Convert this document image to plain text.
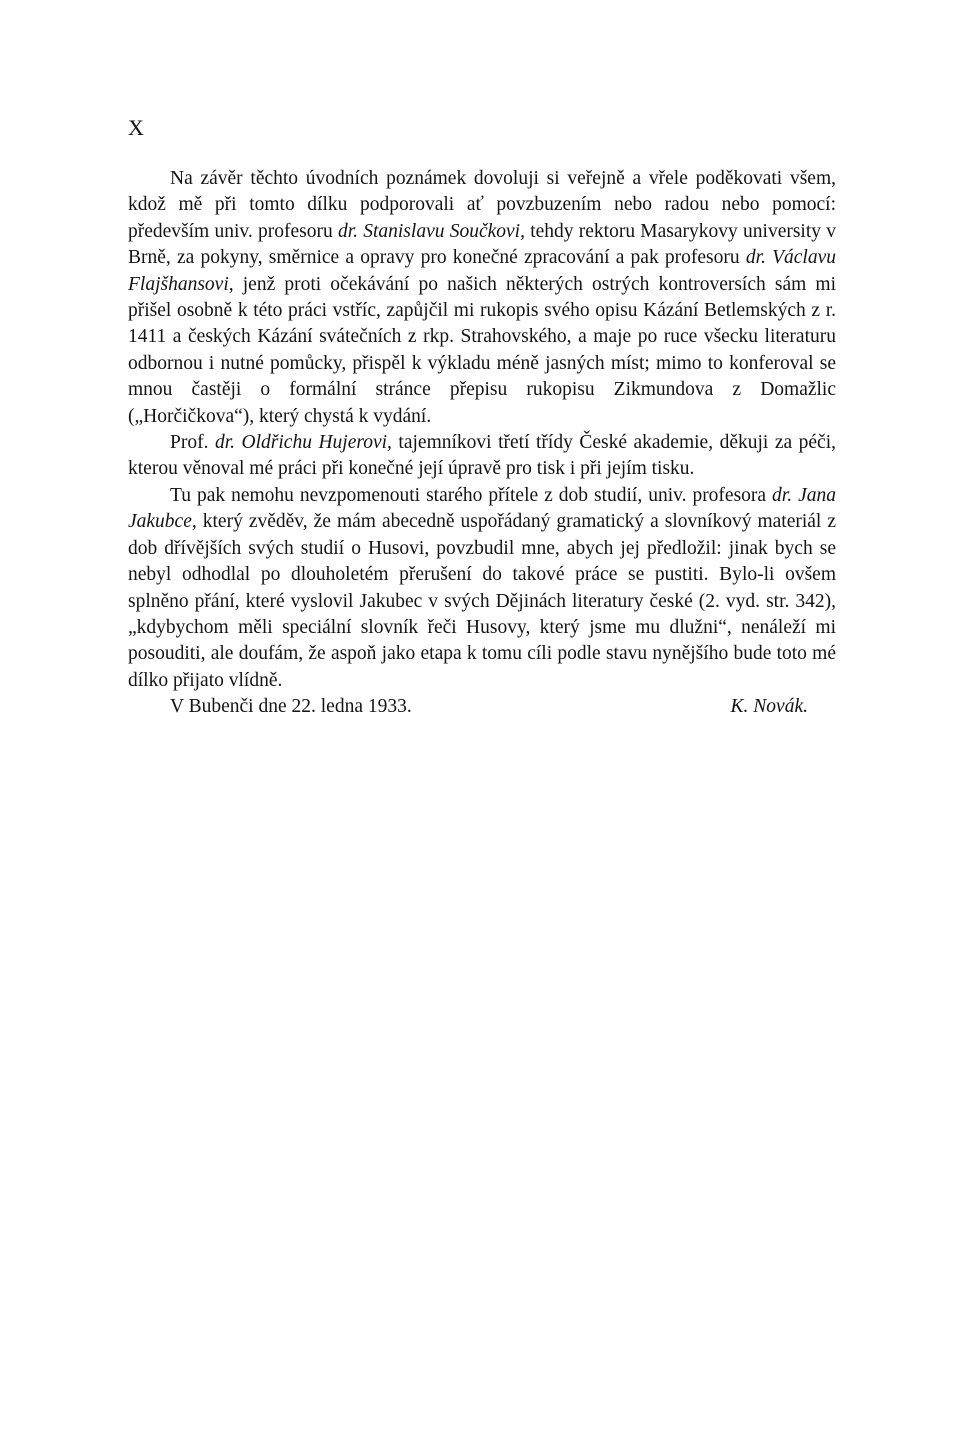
X

Na závěr těchto úvodních poznámek dovoluji si veřejně a vřele poděkovati všem, kdož mě při tomto dílku podporovali ať povzbuzením nebo radou nebo pomocí: především univ. profesoru dr. Stanislavu Součkovi, tehdy rektoru Masarykovy university v Brně, za pokyny, směrnice a opravy pro konečné zpracování a pak profesoru dr. Václavu Flajšhansovi, jenž proti očekávání po našich některých ostrých kontroversích sám mi přišel osobně k této práci vstříc, zapůjčil mi rukopis svého opisu Kázání Betlemských z r. 1411 a českých Kázání svátečních z rkp. Strahovského, a maje po ruce všecku literaturu odbornou i nutné pomůcky, přispěl k výkladu méně jasných míst; mimo to konferoval se mnou častěji o formální stránce přepisu rukopisu Zikmundova z Domažlic („Horčičkova“), který chystá k vydání.

Prof. dr. Oldřichu Hujerovi, tajemníkovi třetí třídy České akademie, děkuji za péči, kterou věnoval mé práci při konečné její úpravě pro tisk i při jejím tisku.

Tu pak nemohu nevzpomenouti starého přítele z dob studií, univ. profesora dr. Jana Jakubce, který zvěděv, že mám abecedně uspořádaný gramatický a slovníkový materiál z dob dřívějších svých studií o Husovi, povzbudil mne, abych jej předložil: jinak bych se nebyl odhodlal po dlouholetém přerušení do takové práce se pustiti. Bylo-li ovšem splněno přání, které vyslovil Jakubec v svých Dějinách literatury české (2. vyd. str. 342), „kdybychom měli speciální slovník řeči Husovy, který jsme mu dlužni“, nenáleží mi posouditi, ale doufám, že aspoň jako etapa k tomu cíli podle stavu nynějšího bude toto mé dílko přijato vlídně.

V Bubenči dne 22. ledna 1933.	K. Novák.
